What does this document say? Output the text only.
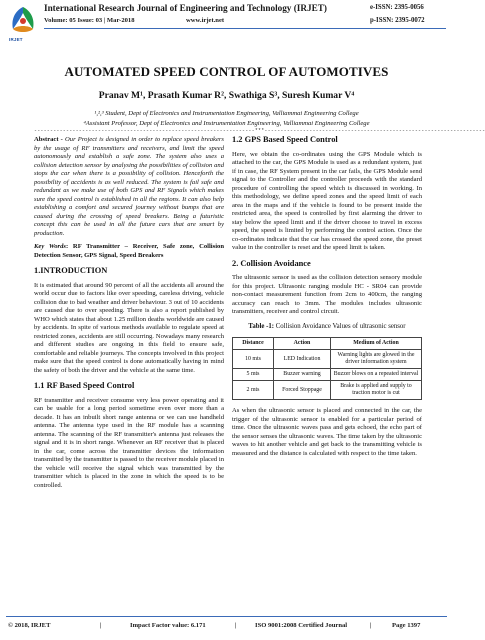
IRJET
International Research Journal of Engineering and Technology (IRJET)
Volume: 05 Issue: 03 | Mar-2018	www.irjet.net
e-ISSN: 2395-0056
p-ISSN: 2395-0072
AUTOMATED SPEED CONTROL OF AUTOMOTIVES
Pranav M¹, Prasath Kumar R², Swathiga S³, Suresh Kumar V⁴
¹,²,³ Student, Dept of Electronics and Instrumentation Engineering, Valliammai Engineering College
⁴Assistant Professor, Dept of Electronics and Instrumentation Engineering, Valliammai Engineering College
---------------------------------------------------------------------***---------------------------------------------------------------------

Abstract - Our Project is designed in order to replace speed breakers by the usage of RF transmitters and receivers, and limit the speed autonomously and establish a safe zone. The system also uses a collision detection sensor by analysing the possibilities of collision and stops the car when there is a possibility of collision. Henceforth the possibility of accidents is as well reduced. The system is fail safe and redundant as we make use of both GPS and RF Signals which makes sure the speed control is established in all the regions. It can also help establishing a comfort and secured journey without bumps that are caused during the crossing of speed breakers. Being a futuristic concept this can be used in all the future cars that are smart by production.

Key Words: RF Transmitter – Receiver, Safe zone, Collision Detection Sensor, GPS Signal, Speed Breakers

1.INTRODUCTION

It is estimated that around 90 percent of all the accidents all around the world occur due to factors like over speeding, careless driving, vehicle collision due to bad weather and driver behaviour. 3 out of 10 accidents are caused due to over speeding. There is also a report published by WHO which states that about 1.25 million deaths worldwide are caused by accidents. In spite of various methods available to regulate speed at restricted zones, accidents are still occurring. Nowadays many research and different studies are ongoing in this field to ensure safe, comfortable and reliable journeys. The concepts involved in this project make sure that the speed control is done automatically having in mind the safety of both the driver and the vehicle at the same time.

1.1 RF Based Speed Control

RF transmitter and receiver consume very less power operating and it can be usable for a long period sometime even over more than a decade. It has an inbuilt short range antenna or we can use handheld antenna. The antenna type used in the RF module has a scanning antenna. The scanning of the RF transmitter's antenna just releases the signal and it is in short range. Whenever an RF receiver that is placed in the car, come across the transmitter devices the information transmitted by the transmitter is passed to the receiver module placed in the vehicle will receive the signal which was transmitted by the transmitter which is placed in the zone in which the speed is to be controlled.

1.2 GPS Based Speed Control

Here, we obtain the co-ordinates using the GPS Module which is attached to the car, the GPS Module is used as a redundant system, just if in case, the RF System present in the car fails, the GPS Module send signal to the Controller and the controller proceeds with the standard procedure of controlling the speed which is discussed in working. In this methodology, we define speed zones and the speed limit of each area in the maps and if the vehicle is found to be present inside the restricted area, the speed is controlled by first alarming the driver to stay below the speed limit and if the driver choose to travel in excess speed, the speed is limited by performing the control action. Once the co-ordinates indicate that the car has crossed the speed zone, the preset value in the controller is reset and the speed limit is taken.

2. Collision Avoidance

The ultrasonic sensor is used as the collision detection sensory module for this project. Ultrasonic ranging module HC - SR04 can provide non-contact measurement function from 2cm to 400cm, the ranging accuracy can reach to 3mm. The modules includes ultrasonic transmitters, receiver and control circuit.

Table -1: Collision Avoidance Values of ultrasonic sensor
Distance	Action	Medium of Action
10 mts	LED Indication	Warning lights are glowed in the driver information system
5 mts	Buzzer warning	Buzzer blows on a repeated interval
2 mts	Forced Stoppage	Brake is applied and supply to traction motor is cut

As when the ultrasonic sensor is placed and connected in the car, the trigger of the ultrasonic sensor is enabled for a particular period of time. Once the ultrasonic waves pass and gets echoed, the echo part of the sensor senses the ultrasonic waves. The time taken by the ultrasonic waves to hit another vehicle and get back to the transmitting vehicle is measured and the distance is calculated with respect to the time taken.

© 2018, IRJET	|	Impact Factor value: 6.171	|	ISO 9001:2008 Certified Journal	|	Page 1397
